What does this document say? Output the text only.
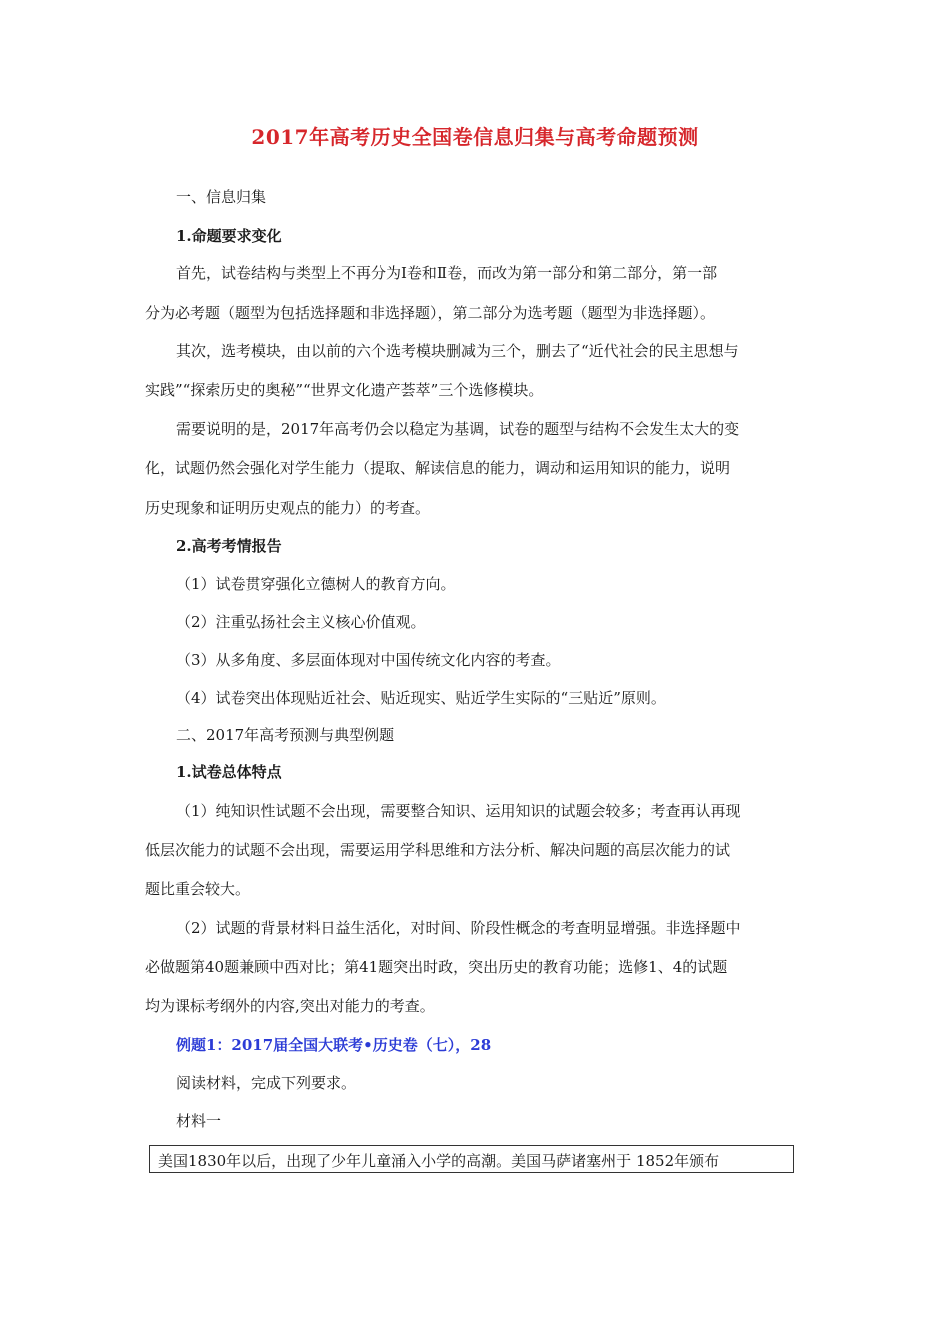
2017年高考历史全国卷信息归集与高考命题预测
一、信息归集
1.命题要求变化
首先，试卷结构与类型上不再分为Ⅰ卷和Ⅱ卷，而改为第一部分和第二部分，第一部
分为必考题（题型为包括选择题和非选择题），第二部分为选考题（题型为非选择题）。
其次，选考模块，由以前的六个选考模块删减为三个，删去了“近代社会的民主思想与
实践”“探索历史的奥秘”“世界文化遗产荟萃”三个选修模块。
需要说明的是，2017年高考仍会以稳定为基调，试卷的题型与结构不会发生太大的变
化，试题仍然会强化对学生能力（提取、解读信息的能力，调动和运用知识的能力，说明
历史现象和证明历史观点的能力）的考查。
2.高考考情报告
（1）试卷贯穿强化立德树人的教育方向。
（2）注重弘扬社会主义核心价值观。
（3）从多角度、多层面体现对中国传统文化内容的考查。
（4）试卷突出体现贴近社会、贴近现实、贴近学生实际的“三贴近”原则。
二、2017年高考预测与典型例题
1.试卷总体特点
（1）纯知识性试题不会出现，需要整合知识、运用知识的试题会较多；考查再认再现
低层次能力的试题不会出现，需要运用学科思维和方法分析、解决问题的高层次能力的试
题比重会较大。
（2）试题的背景材料日益生活化，对时间、阶段性概念的考查明显增强。非选择题中
必做题第40题兼顾中西对比；第41题突出时政，突出历史的教育功能；选修1、4的试题
均为课标考纲外的内容,突出对能力的考查。
例题1：2017届全国大联考•历史卷（七），28
阅读材料，完成下列要求。
材料一
美国1830年以后，出现了少年儿童涌入小学的高潮。美国马萨诸塞州于 1852年颁布
